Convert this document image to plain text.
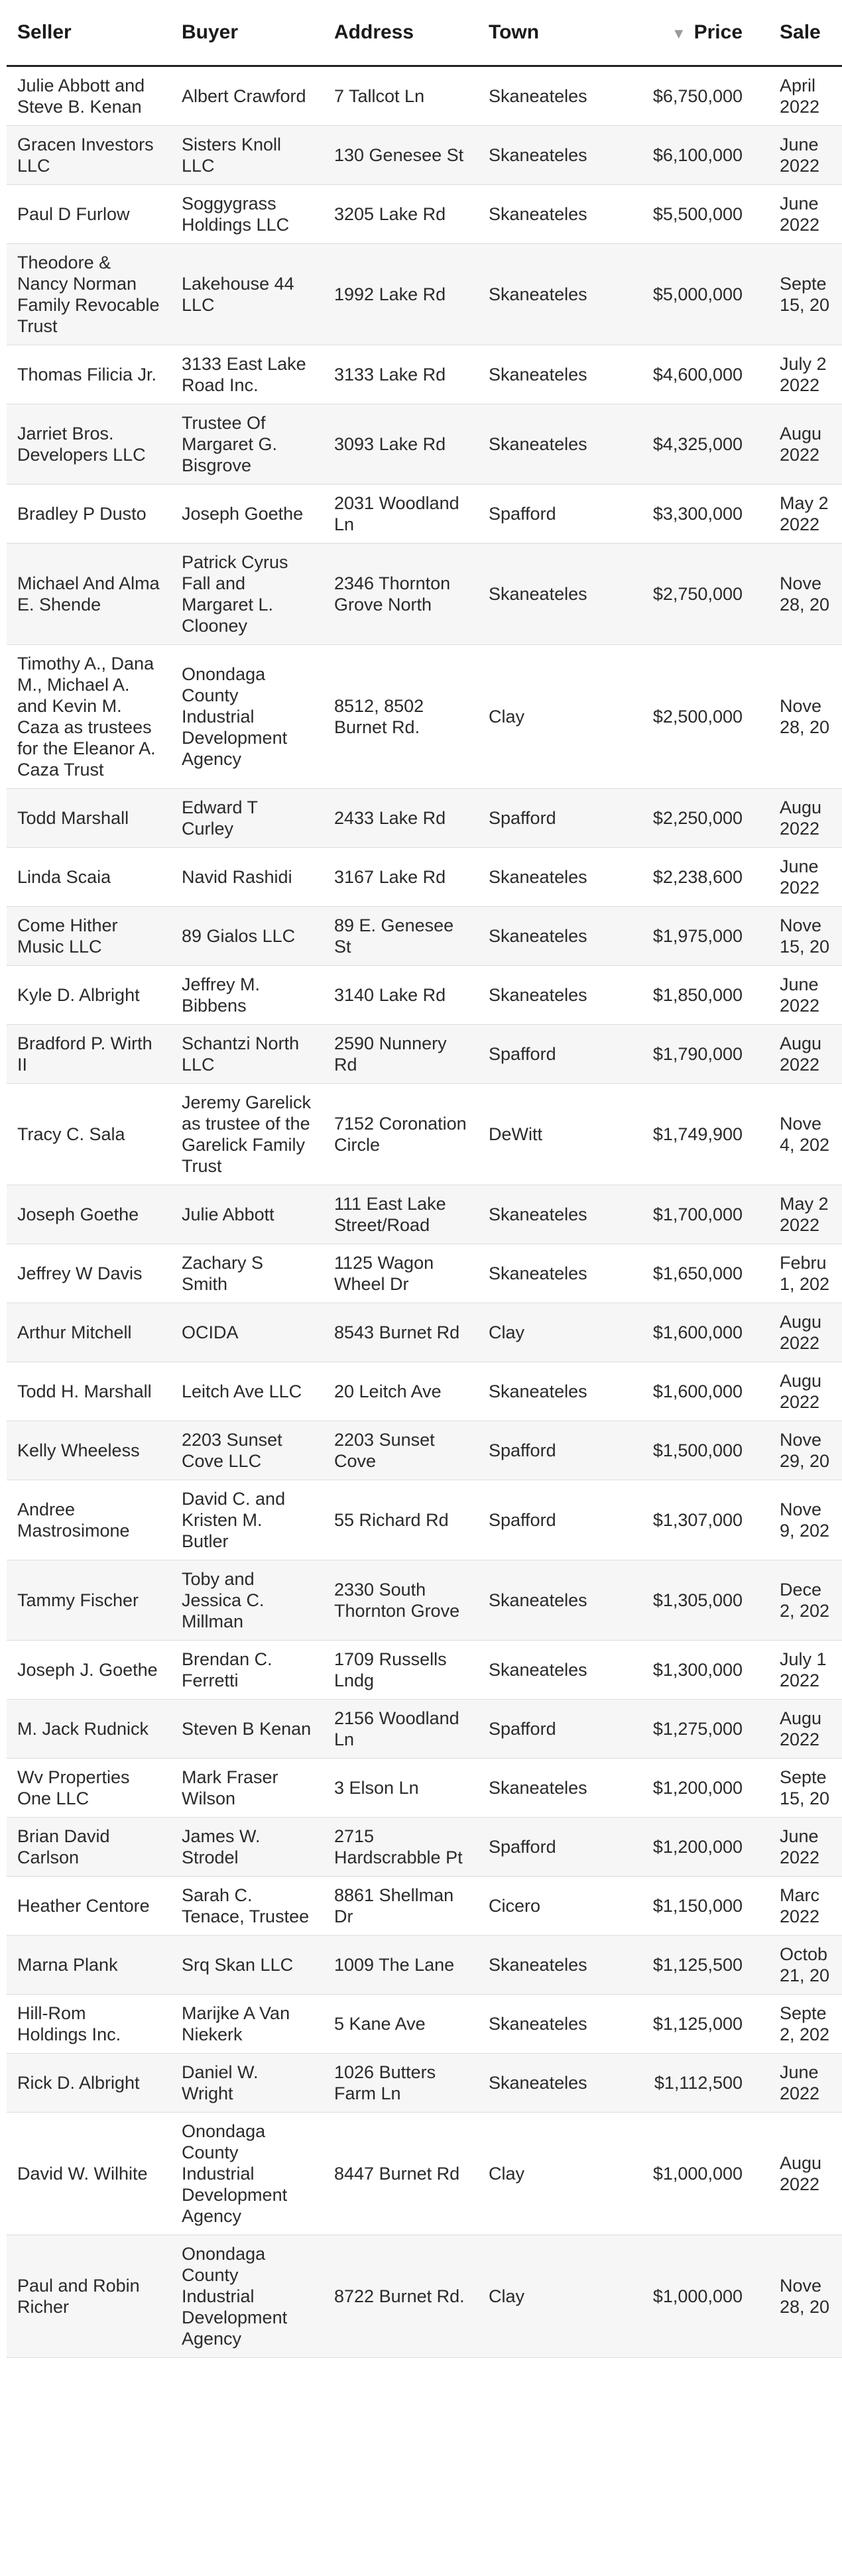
Seller	Buyer	Address	Town	▼ Price	Sale
Julie Abbott and Steve B. Kenan	Albert Crawford	7 Tallcot Ln	Skaneateles	$6,750,000	April 2022
Gracen Investors LLC	Sisters Knoll LLC	130 Genesee St	Skaneateles	$6,100,000	June 2022
Paul D Furlow	Soggygrass Holdings LLC	3205 Lake Rd	Skaneateles	$5,500,000	June 2022
Theodore & Nancy Norman Family Revocable Trust	Lakehouse 44 LLC	1992 Lake Rd	Skaneateles	$5,000,000	Septe 15, 20
Thomas Filicia Jr.	3133 East Lake Road Inc.	3133 Lake Rd	Skaneateles	$4,600,000	July 2 2022
Jarriet Bros. Developers LLC	Trustee Of Margaret G. Bisgrove	3093 Lake Rd	Skaneateles	$4,325,000	Augu 2022
Bradley P Dusto	Joseph Goethe	2031 Woodland Ln	Spafford	$3,300,000	May 2 2022
Michael And Alma E. Shende	Patrick Cyrus Fall and Margaret L. Clooney	2346 Thornton Grove North	Skaneateles	$2,750,000	Nove 28, 20
Timothy A., Dana M., Michael A. and Kevin M. Caza as trustees for the Eleanor A. Caza Trust	Onondaga County Industrial Development Agency	8512, 8502 Burnet Rd.	Clay	$2,500,000	Nove 28, 20
Todd Marshall	Edward T Curley	2433 Lake Rd	Spafford	$2,250,000	Augu 2022
Linda Scaia	Navid Rashidi	3167 Lake Rd	Skaneateles	$2,238,600	June 2022
Come Hither Music LLC	89 Gialos LLC	89 E. Genesee St	Skaneateles	$1,975,000	Nove 15, 20
Kyle D. Albright	Jeffrey M. Bibbens	3140 Lake Rd	Skaneateles	$1,850,000	June 2022
Bradford P. Wirth II	Schantzi North LLC	2590 Nunnery Rd	Spafford	$1,790,000	Augu 2022
Tracy C. Sala	Jeremy Garelick as trustee of the Garelick Family Trust	7152 Coronation Circle	DeWitt	$1,749,900	Nove 4, 202
Joseph Goethe	Julie Abbott	111 East Lake Street/Road	Skaneateles	$1,700,000	May 2 2022
Jeffrey W Davis	Zachary S Smith	1125 Wagon Wheel Dr	Skaneateles	$1,650,000	Febru 1, 202
Arthur Mitchell	OCIDA	8543 Burnet Rd	Clay	$1,600,000	Augu 2022
Todd H. Marshall	Leitch Ave LLC	20 Leitch Ave	Skaneateles	$1,600,000	Augu 2022
Kelly Wheeless	2203 Sunset Cove LLC	2203 Sunset Cove	Spafford	$1,500,000	Nove 29, 20
Andree Mastrosimone	David C. and Kristen M. Butler	55 Richard Rd	Spafford	$1,307,000	Nove 9, 202
Tammy Fischer	Toby and Jessica C. Millman	2330 South Thornton Grove	Skaneateles	$1,305,000	Dece 2, 202
Joseph J. Goethe	Brendan C. Ferretti	1709 Russells Lndg	Skaneateles	$1,300,000	July 1 2022
M. Jack Rudnick	Steven B Kenan	2156 Woodland Ln	Spafford	$1,275,000	Augu 2022
Wv Properties One LLC	Mark Fraser Wilson	3 Elson Ln	Skaneateles	$1,200,000	Septe 15, 20
Brian David Carlson	James W. Strodel	2715 Hardscrabble Pt	Spafford	$1,200,000	June 2022
Heather Centore	Sarah C. Tenace, Trustee	8861 Shellman Dr	Cicero	$1,150,000	Marc 2022
Marna Plank	Srq Skan LLC	1009 The Lane	Skaneateles	$1,125,500	Octob 21, 20
Hill-Rom Holdings Inc.	Marijke A Van Niekerk	5 Kane Ave	Skaneateles	$1,125,000	Septe 2, 202
Rick D. Albright	Daniel W. Wright	1026 Butters Farm Ln	Skaneateles	$1,112,500	June 2022
David W. Wilhite	Onondaga County Industrial Development Agency	8447 Burnet Rd	Clay	$1,000,000	Augu 2022
Paul and Robin Richer	Onondaga County Industrial Development Agency	8722 Burnet Rd.	Clay	$1,000,000	Nove 28, 20
